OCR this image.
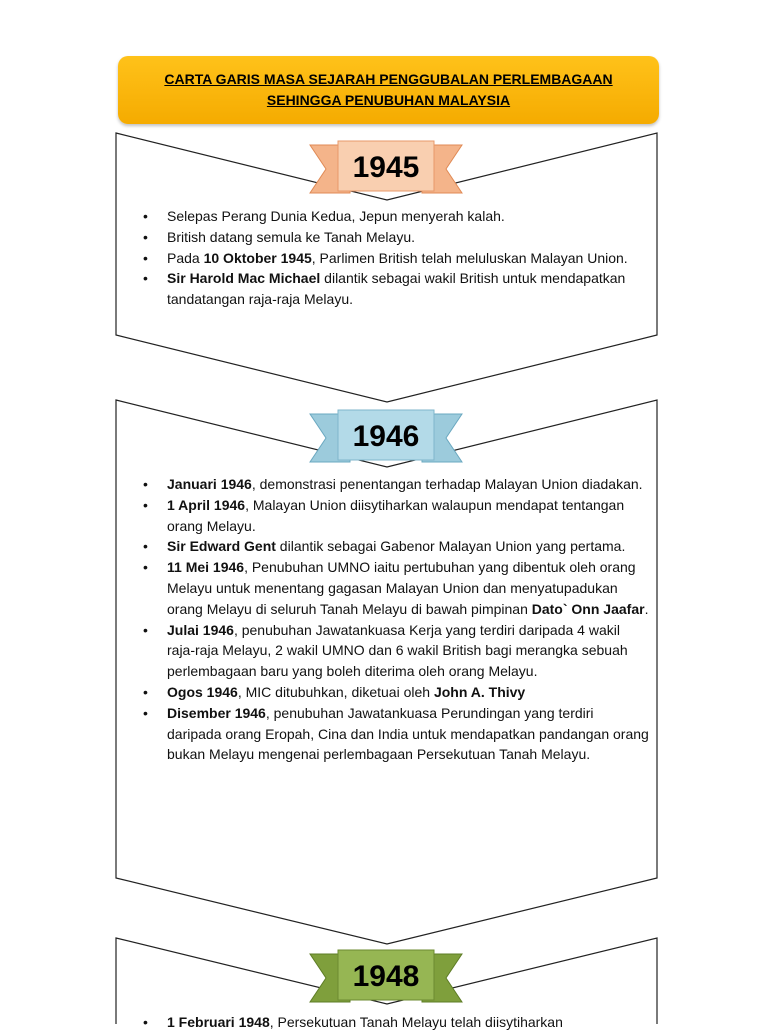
CARTA GARIS MASA SEJARAH PENGGUBALAN PERLEMBAGAAN
SEHINGGA PENUBUHAN MALAYSIA
1945
1946
1948
• Selepas Perang Dunia Kedua, Jepun menyerah kalah.
• British datang semula ke Tanah Melayu.
• Pada 10 Oktober 1945, Parlimen British telah meluluskan Malayan Union.
• Sir Harold Mac Michael dilantik sebagai wakil British untuk mendapatkan tandatangan raja-raja Melayu.
• Januari 1946, demonstrasi penentangan terhadap Malayan Union diadakan.
• 1 April 1946, Malayan Union diisytiharkan walaupun mendapat tentangan orang Melayu.
• Sir Edward Gent dilantik sebagai Gabenor Malayan Union yang pertama.
• 11 Mei 1946, Penubuhan UMNO iaitu pertubuhan yang dibentuk oleh orang Melayu untuk menentang gagasan Malayan Union dan menyatupadukan orang Melayu di seluruh Tanah Melayu di bawah pimpinan Dato` Onn Jaafar.
• Julai 1946, penubuhan Jawatankuasa Kerja yang terdiri daripada 4 wakil raja-raja Melayu, 2 wakil UMNO dan 6 wakil British bagi merangka sebuah perlembagaan baru yang boleh diterima oleh orang Melayu.
• Ogos 1946, MIC ditubuhkan, diketuai oleh John A. Thivy
• Disember 1946, penubuhan Jawatankuasa Perundingan yang terdiri daripada orang Eropah, Cina dan India untuk mendapatkan pandangan orang bukan Melayu mengenai perlembagaan Persekutuan Tanah Melayu.
• 1 Februari 1948, Persekutuan Tanah Melayu telah diisytiharkan
